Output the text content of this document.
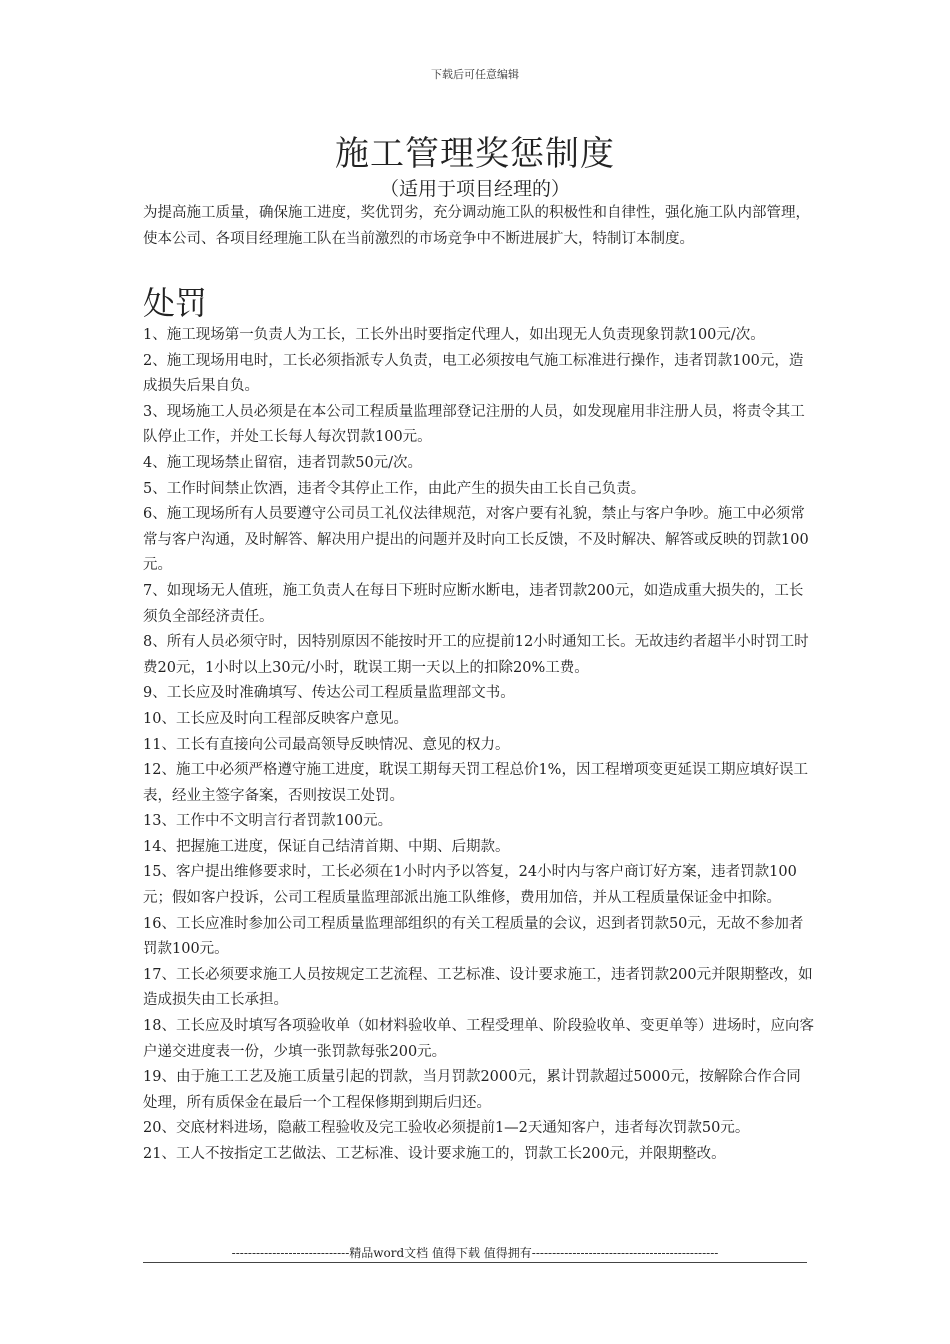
下载后可任意编辑
施工管理奖惩制度
（适用于项目经理的）
为提高施工质量，确保施工进度，奖优罚劣，充分调动施工队的积极性和自律性，强化施工队内部管理，使本公司、各项目经理施工队在当前激烈的市场竞争中不断进展扩大，特制订本制度。
处罚

1、施工现场第一负责人为工长，工长外出时要指定代理人，如出现无人负责现象罚款100元/次。

2、施工现场用电时，工长必须指派专人负责，电工必须按电气施工标准进行操作，违者罚款100元，造成损失后果自负。

3、现场施工人员必须是在本公司工程质量监理部登记注册的人员，如发现雇用非注册人员，将责令其工队停止工作，并处工长每人每次罚款100元。

4、施工现场禁止留宿，违者罚款50元/次。

5、工作时间禁止饮酒，违者令其停止工作，由此产生的损失由工长自己负责。

6、施工现场所有人员要遵守公司员工礼仪法律规范，对客户要有礼貌，禁止与客户争吵。施工中必须常常与客户沟通，及时解答、解决用户提出的问题并及时向工长反馈，不及时解决、解答或反映的罚款100元。

7、如现场无人值班，施工负责人在每日下班时应断水断电，违者罚款200元，如造成重大损失的，工长须负全部经济责任。

8、所有人员必须守时，因特别原因不能按时开工的应提前12小时通知工长。无故违约者超半小时罚工时费20元，1小时以上30元/小时，耽误工期一天以上的扣除20%工费。

9、工长应及时准确填写、传达公司工程质量监理部文书。

10、工长应及时向工程部反映客户意见。

11、工长有直接向公司最高领导反映情况、意见的权力。

12、施工中必须严格遵守施工进度，耽误工期每天罚工程总价1%，因工程增项变更延误工期应填好误工表，经业主签字备案，否则按误工处罚。

13、工作中不文明言行者罚款100元。

14、把握施工进度，保证自己结清首期、中期、后期款。

15、客户提出维修要求时，工长必须在1小时内予以答复，24小时内与客户商订好方案，违者罚款100元；假如客户投诉，公司工程质量监理部派出施工队维修，费用加倍，并从工程质量保证金中扣除。

16、工长应准时参加公司工程质量监理部组织的有关工程质量的会议，迟到者罚款50元，无故不参加者罚款100元。

17、工长必须要求施工人员按规定工艺流程、工艺标准、设计要求施工，违者罚款200元并限期整改，如造成损失由工长承担。

18、工长应及时填写各项验收单（如材料验收单、工程受理单、阶段验收单、变更单等）进场时，应向客户递交进度表一份，少填一张罚款每张200元。

19、由于施工工艺及施工质量引起的罚款，当月罚款2000元，累计罚款超过5000元，按解除合作合同处理，所有质保金在最后一个工程保修期到期后归还。

20、交底材料进场，隐蔽工程验收及完工验收必须提前1—2天通知客户，违者每次罚款50元。

21、工人不按指定工艺做法、工艺标准、设计要求施工的，罚款工长200元，并限期整改。

-----------------------------精品word文档 值得下载 值得拥有----------------------------------------------
